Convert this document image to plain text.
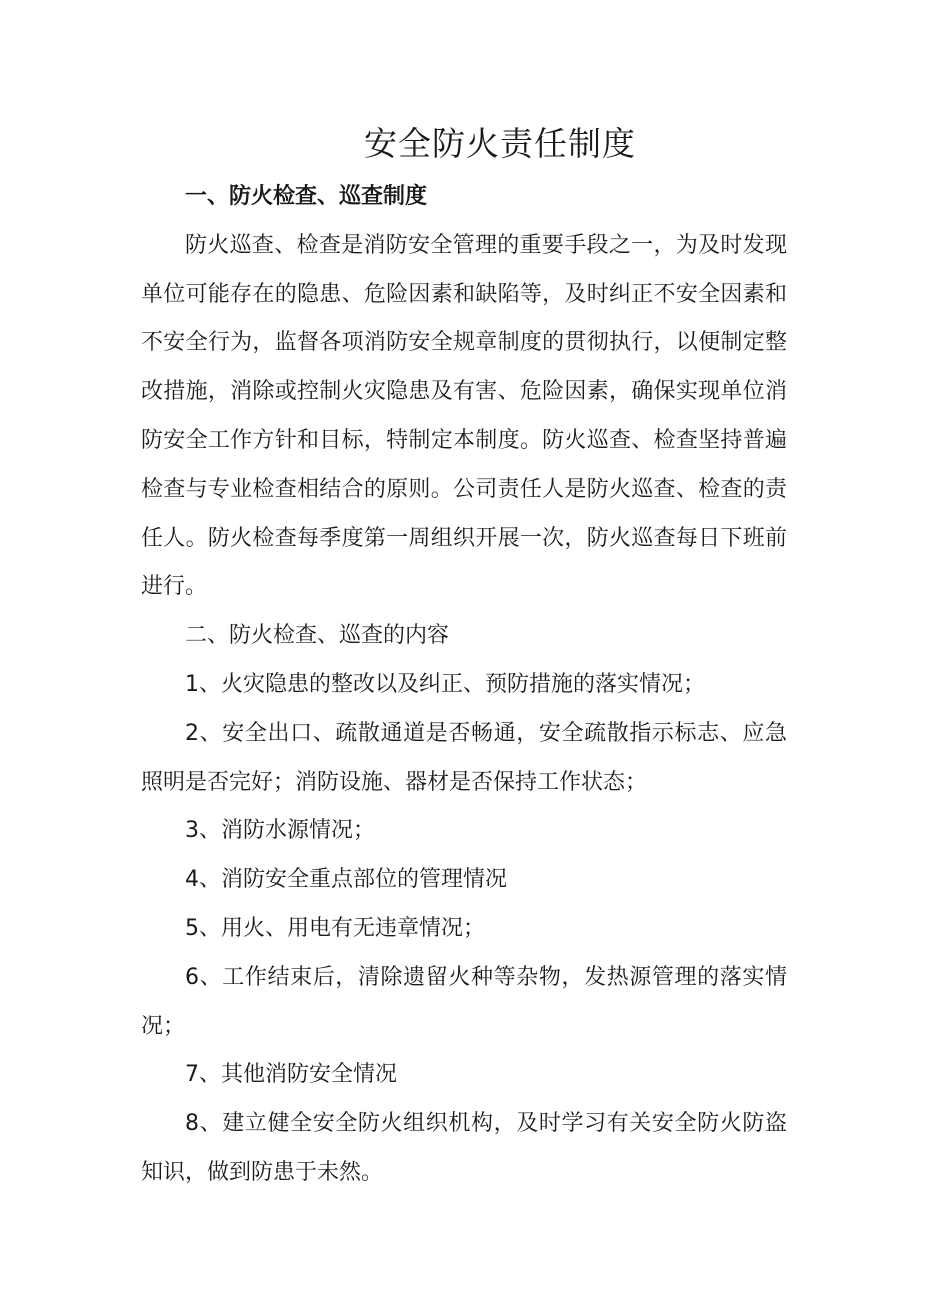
安全防火责任制度

一、防火检查、巡查制度

防火巡查、检查是消防安全管理的重要手段之一，为及时发现单位可能存在的隐患、危险因素和缺陷等，及时纠正不安全因素和不安全行为，监督各项消防安全规章制度的贯彻执行，以便制定整改措施，消除或控制火灾隐患及有害、危险因素，确保实现单位消防安全工作方针和目标，特制定本制度。防火巡查、检查坚持普遍检查与专业检查相结合的原则。公司责任人是防火巡查、检查的责任人。防火检查每季度第一周组织开展一次，防火巡查每日下班前进行。

二、防火检查、巡查的内容

1、火灾隐患的整改以及纠正、预防措施的落实情况；

2、安全出口、疏散通道是否畅通，安全疏散指示标志、应急照明是否完好；消防设施、器材是否保持工作状态；

3、消防水源情况；

4、消防安全重点部位的管理情况

5、用火、用电有无违章情况；

6、工作结束后，清除遗留火种等杂物，发热源管理的落实情况；

7、其他消防安全情况

8、建立健全安全防火组织机构，及时学习有关安全防火防盗知识，做到防患于未然。
